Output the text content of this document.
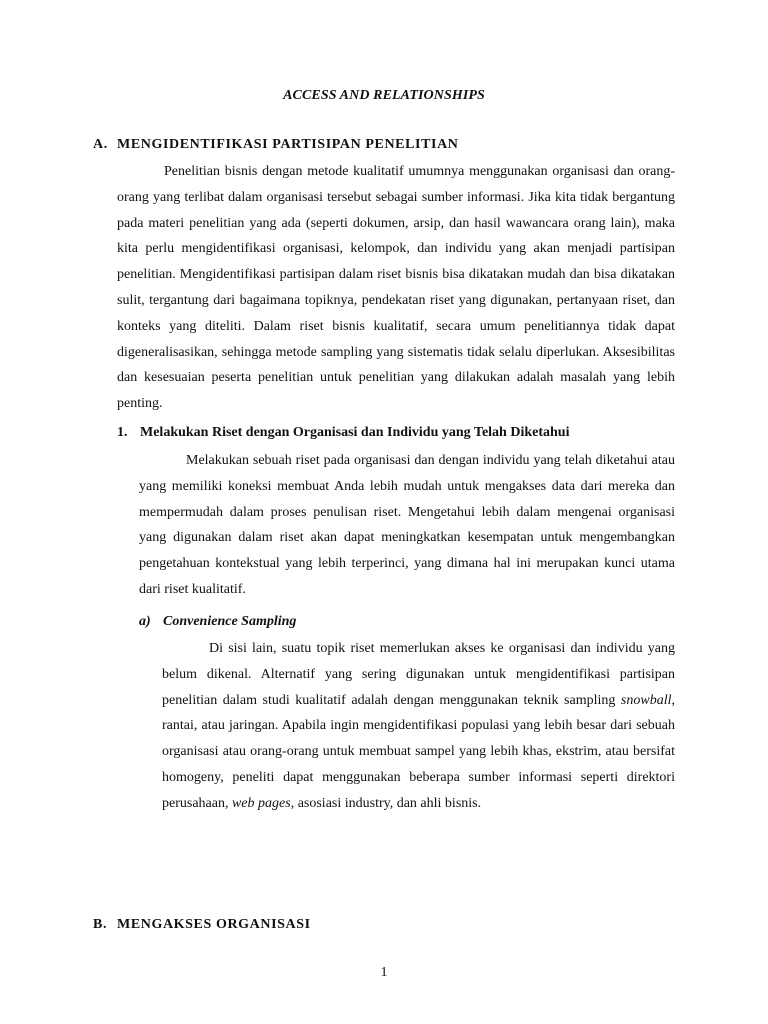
ACCESS AND RELATIONSHIPS
A. MENGIDENTIFIKASI PARTISIPAN PENELITIAN
Penelitian bisnis dengan metode kualitatif umumnya menggunakan organisasi dan orang-orang yang terlibat dalam organisasi tersebut sebagai sumber informasi. Jika kita tidak bergantung pada materi penelitian yang ada (seperti dokumen, arsip, dan hasil wawancara orang lain), maka kita perlu mengidentifikasi organisasi, kelompok, dan individu yang akan menjadi partisipan penelitian. Mengidentifikasi partisipan dalam riset bisnis bisa dikatakan mudah dan bisa dikatakan sulit, tergantung dari bagaimana topiknya, pendekatan riset yang digunakan, pertanyaan riset, dan konteks yang diteliti. Dalam riset bisnis kualitatif, secara umum penelitiannya tidak dapat digeneralisasikan, sehingga metode sampling yang sistematis tidak selalu diperlukan. Aksesibilitas dan kesesuaian peserta penelitian untuk penelitian yang dilakukan adalah masalah yang lebih penting.
1. Melakukan Riset dengan Organisasi dan Individu yang Telah Diketahui
Melakukan sebuah riset pada organisasi dan dengan individu yang telah diketahui atau yang memiliki koneksi membuat Anda lebih mudah untuk mengakses data dari mereka dan mempermudah dalam proses penulisan riset. Mengetahui lebih dalam mengenai organisasi yang digunakan dalam riset akan dapat meningkatkan kesempatan untuk mengembangkan pengetahuan kontekstual yang lebih terperinci, yang dimana hal ini merupakan kunci utama dari riset kualitatif.
a) Convenience Sampling
Di sisi lain, suatu topik riset memerlukan akses ke organisasi dan individu yang belum dikenal. Alternatif yang sering digunakan untuk mengidentifikasi partisipan penelitian dalam studi kualitatif adalah dengan menggunakan teknik sampling snowball, rantai, atau jaringan. Apabila ingin mengidentifikasi populasi yang lebih besar dari sebuah organisasi atau orang-orang untuk membuat sampel yang lebih khas, ekstrim, atau bersifat homogeny, peneliti dapat menggunakan beberapa sumber informasi seperti direktori perusahaan, web pages, asosiasi industry, dan ahli bisnis.
B. MENGAKSES ORGANISASI
1
